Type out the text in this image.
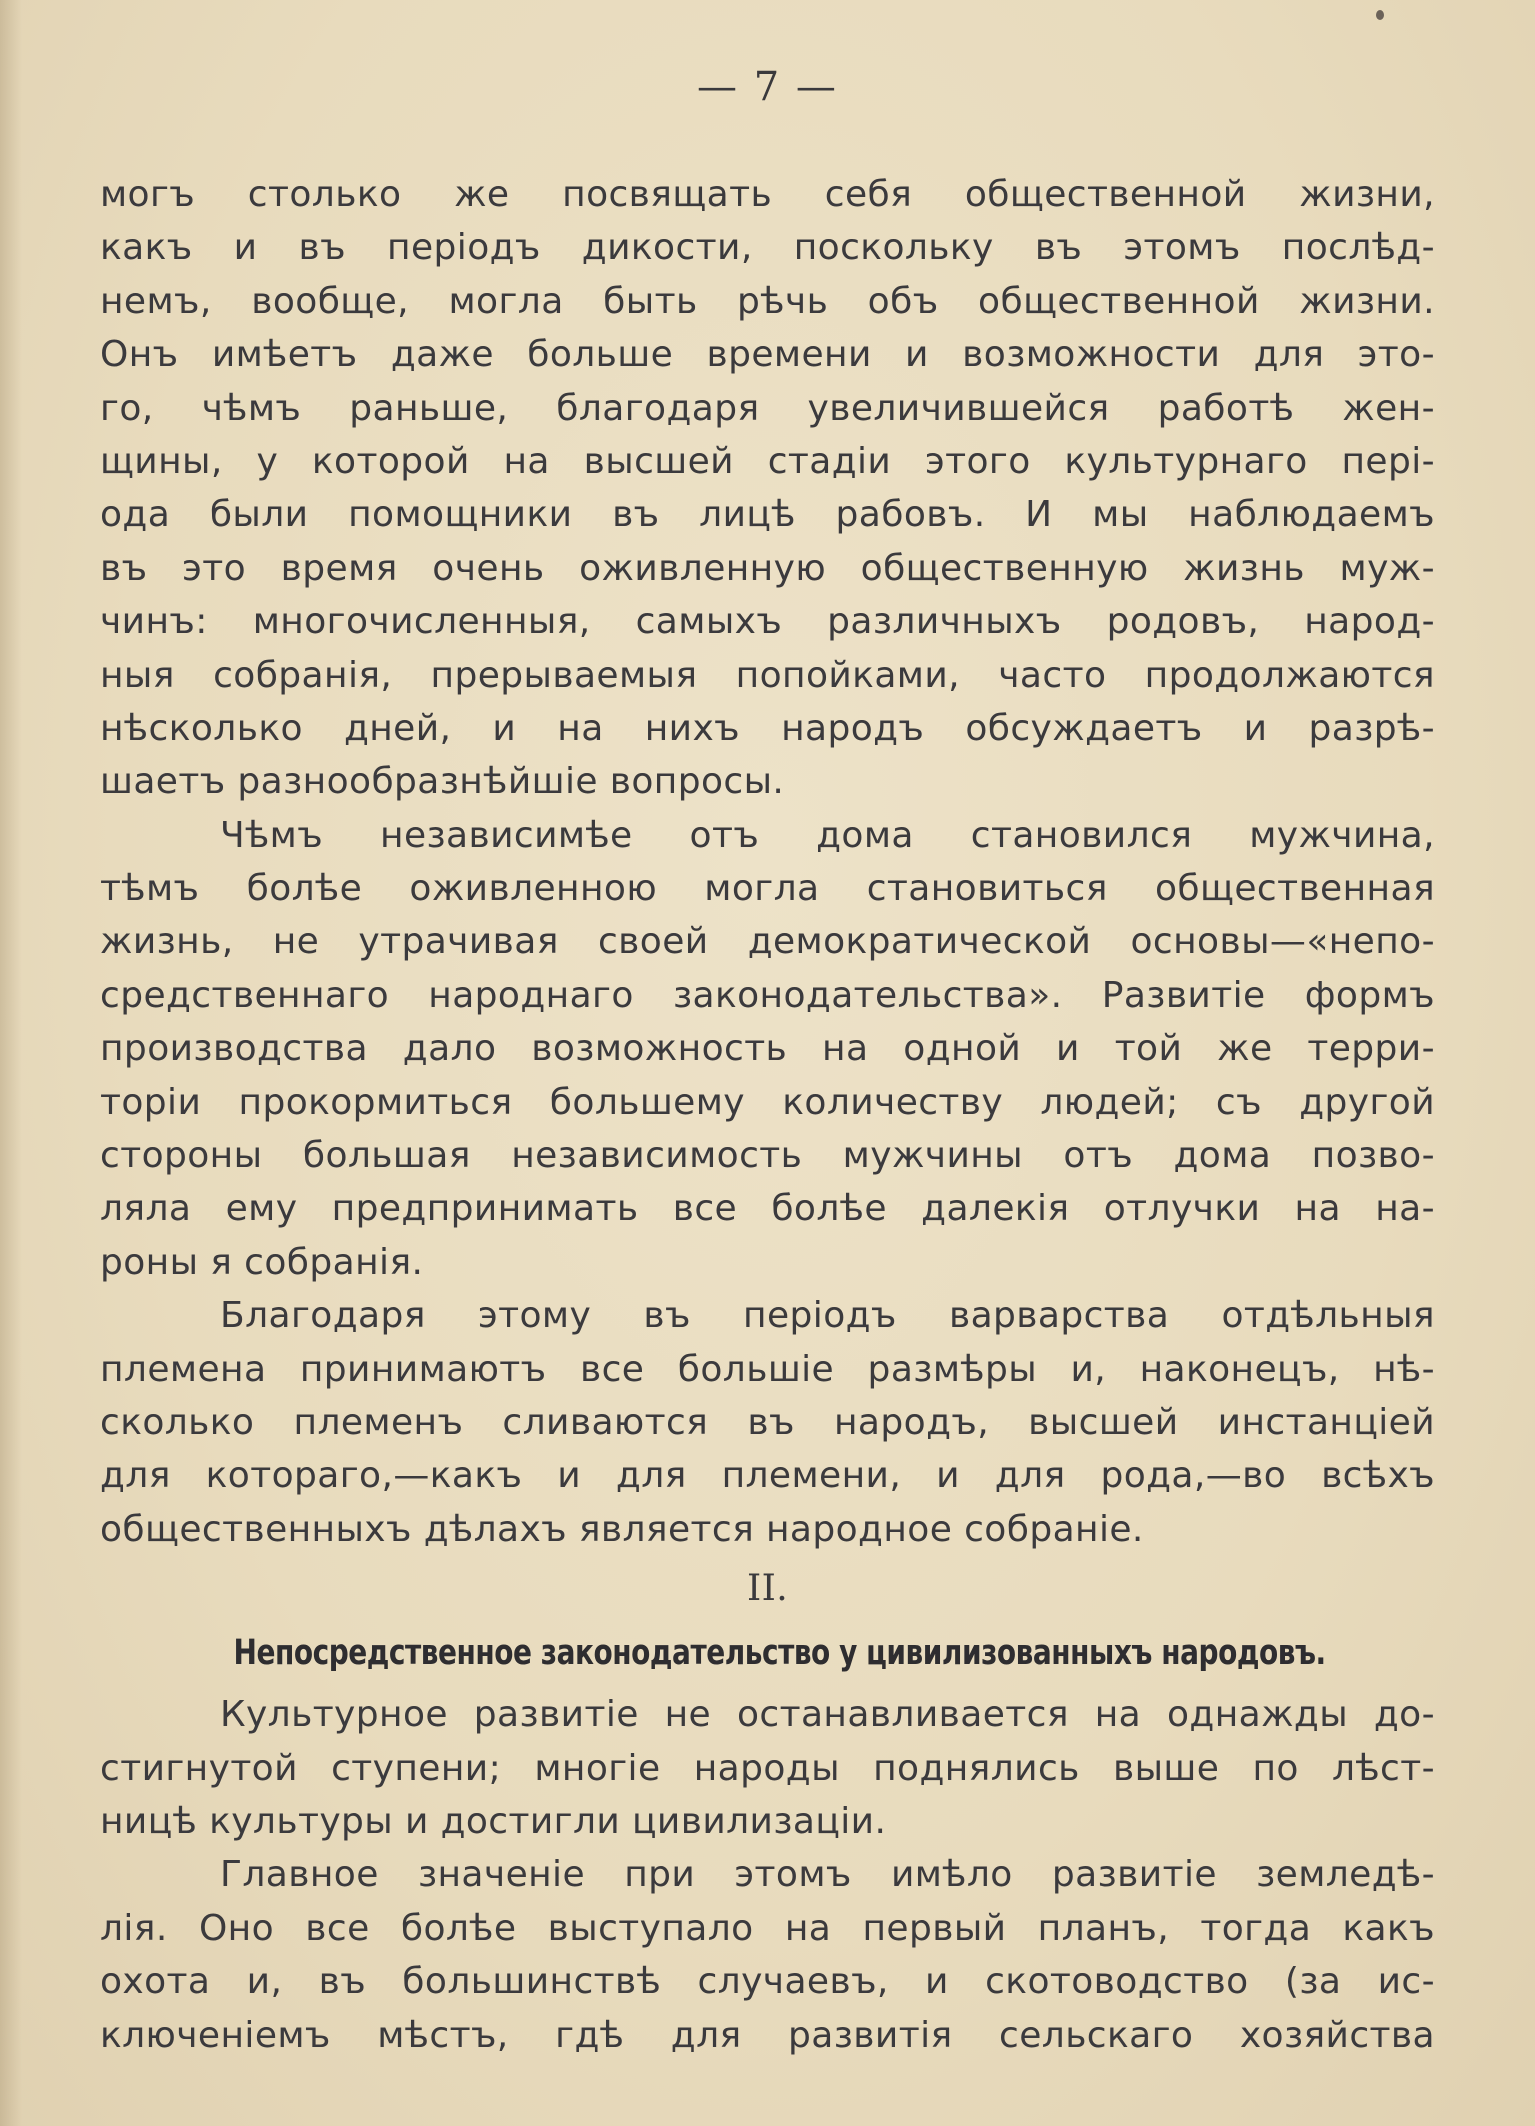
— 7 —
могъ столько же посвящать себя общественной жизни,
какъ и въ періодъ дикости, поскольку въ этомъ послѣд-
немъ, вообще, могла быть рѣчь объ общественной жизни.
Онъ имѣетъ даже больше времени и возможности для это-
го, чѣмъ раньше, благодаря увеличившейся работѣ жен-
щины, у которой на высшей стадіи этого культурнаго пері-
ода были помощники въ лицѣ рабовъ. И мы наблюдаемъ
въ это время очень оживленную общественную жизнь муж-
чинъ: многочисленныя, самыхъ различныхъ родовъ, народ-
ныя собранія, прерываемыя попойками, часто продолжаются
нѣсколько дней, и на нихъ народъ обсуждаетъ и разрѣ-
шаетъ разнообразнѣйшіе вопросы.
Чѣмъ независимѣе отъ дома становился мужчина,
тѣмъ болѣе оживленною могла становиться общественная
жизнь, не утрачивая своей демократической основы—«непо-
средственнаго народнаго законодательства». Развитіе формъ
производства дало возможность на одной и той же терри-
торіи прокормиться большему количеству людей; съ другой
стороны большая независимость мужчины отъ дома позво-
ляла ему предпринимать все болѣе далекія отлучки на на-
роны я собранія.
Благодаря этому въ періодъ варварства отдѣльныя
племена принимаютъ все большіе размѣры и, наконецъ, нѣ-
сколько племенъ сливаются въ народъ, высшей инстанціей
для котораго,—какъ и для племени, и для рода,—во всѣхъ
общественныхъ дѣлахъ является народное собраніе.
II.
Непосредственное законодательство у цивилизованныхъ народовъ.
Культурное развитіе не останавливается на однажды до-
стигнутой ступени; многіе народы поднялись выше по лѣст-
ницѣ культуры и достигли цивилизаціи.
Главное значеніе при этомъ имѣло развитіе земледѣ-
лія. Оно все болѣе выступало на первый планъ, тогда какъ
охота и, въ большинствѣ случаевъ, и скотоводство (за ис-
ключеніемъ мѣстъ, гдѣ для развитія сельскаго хозяйства
